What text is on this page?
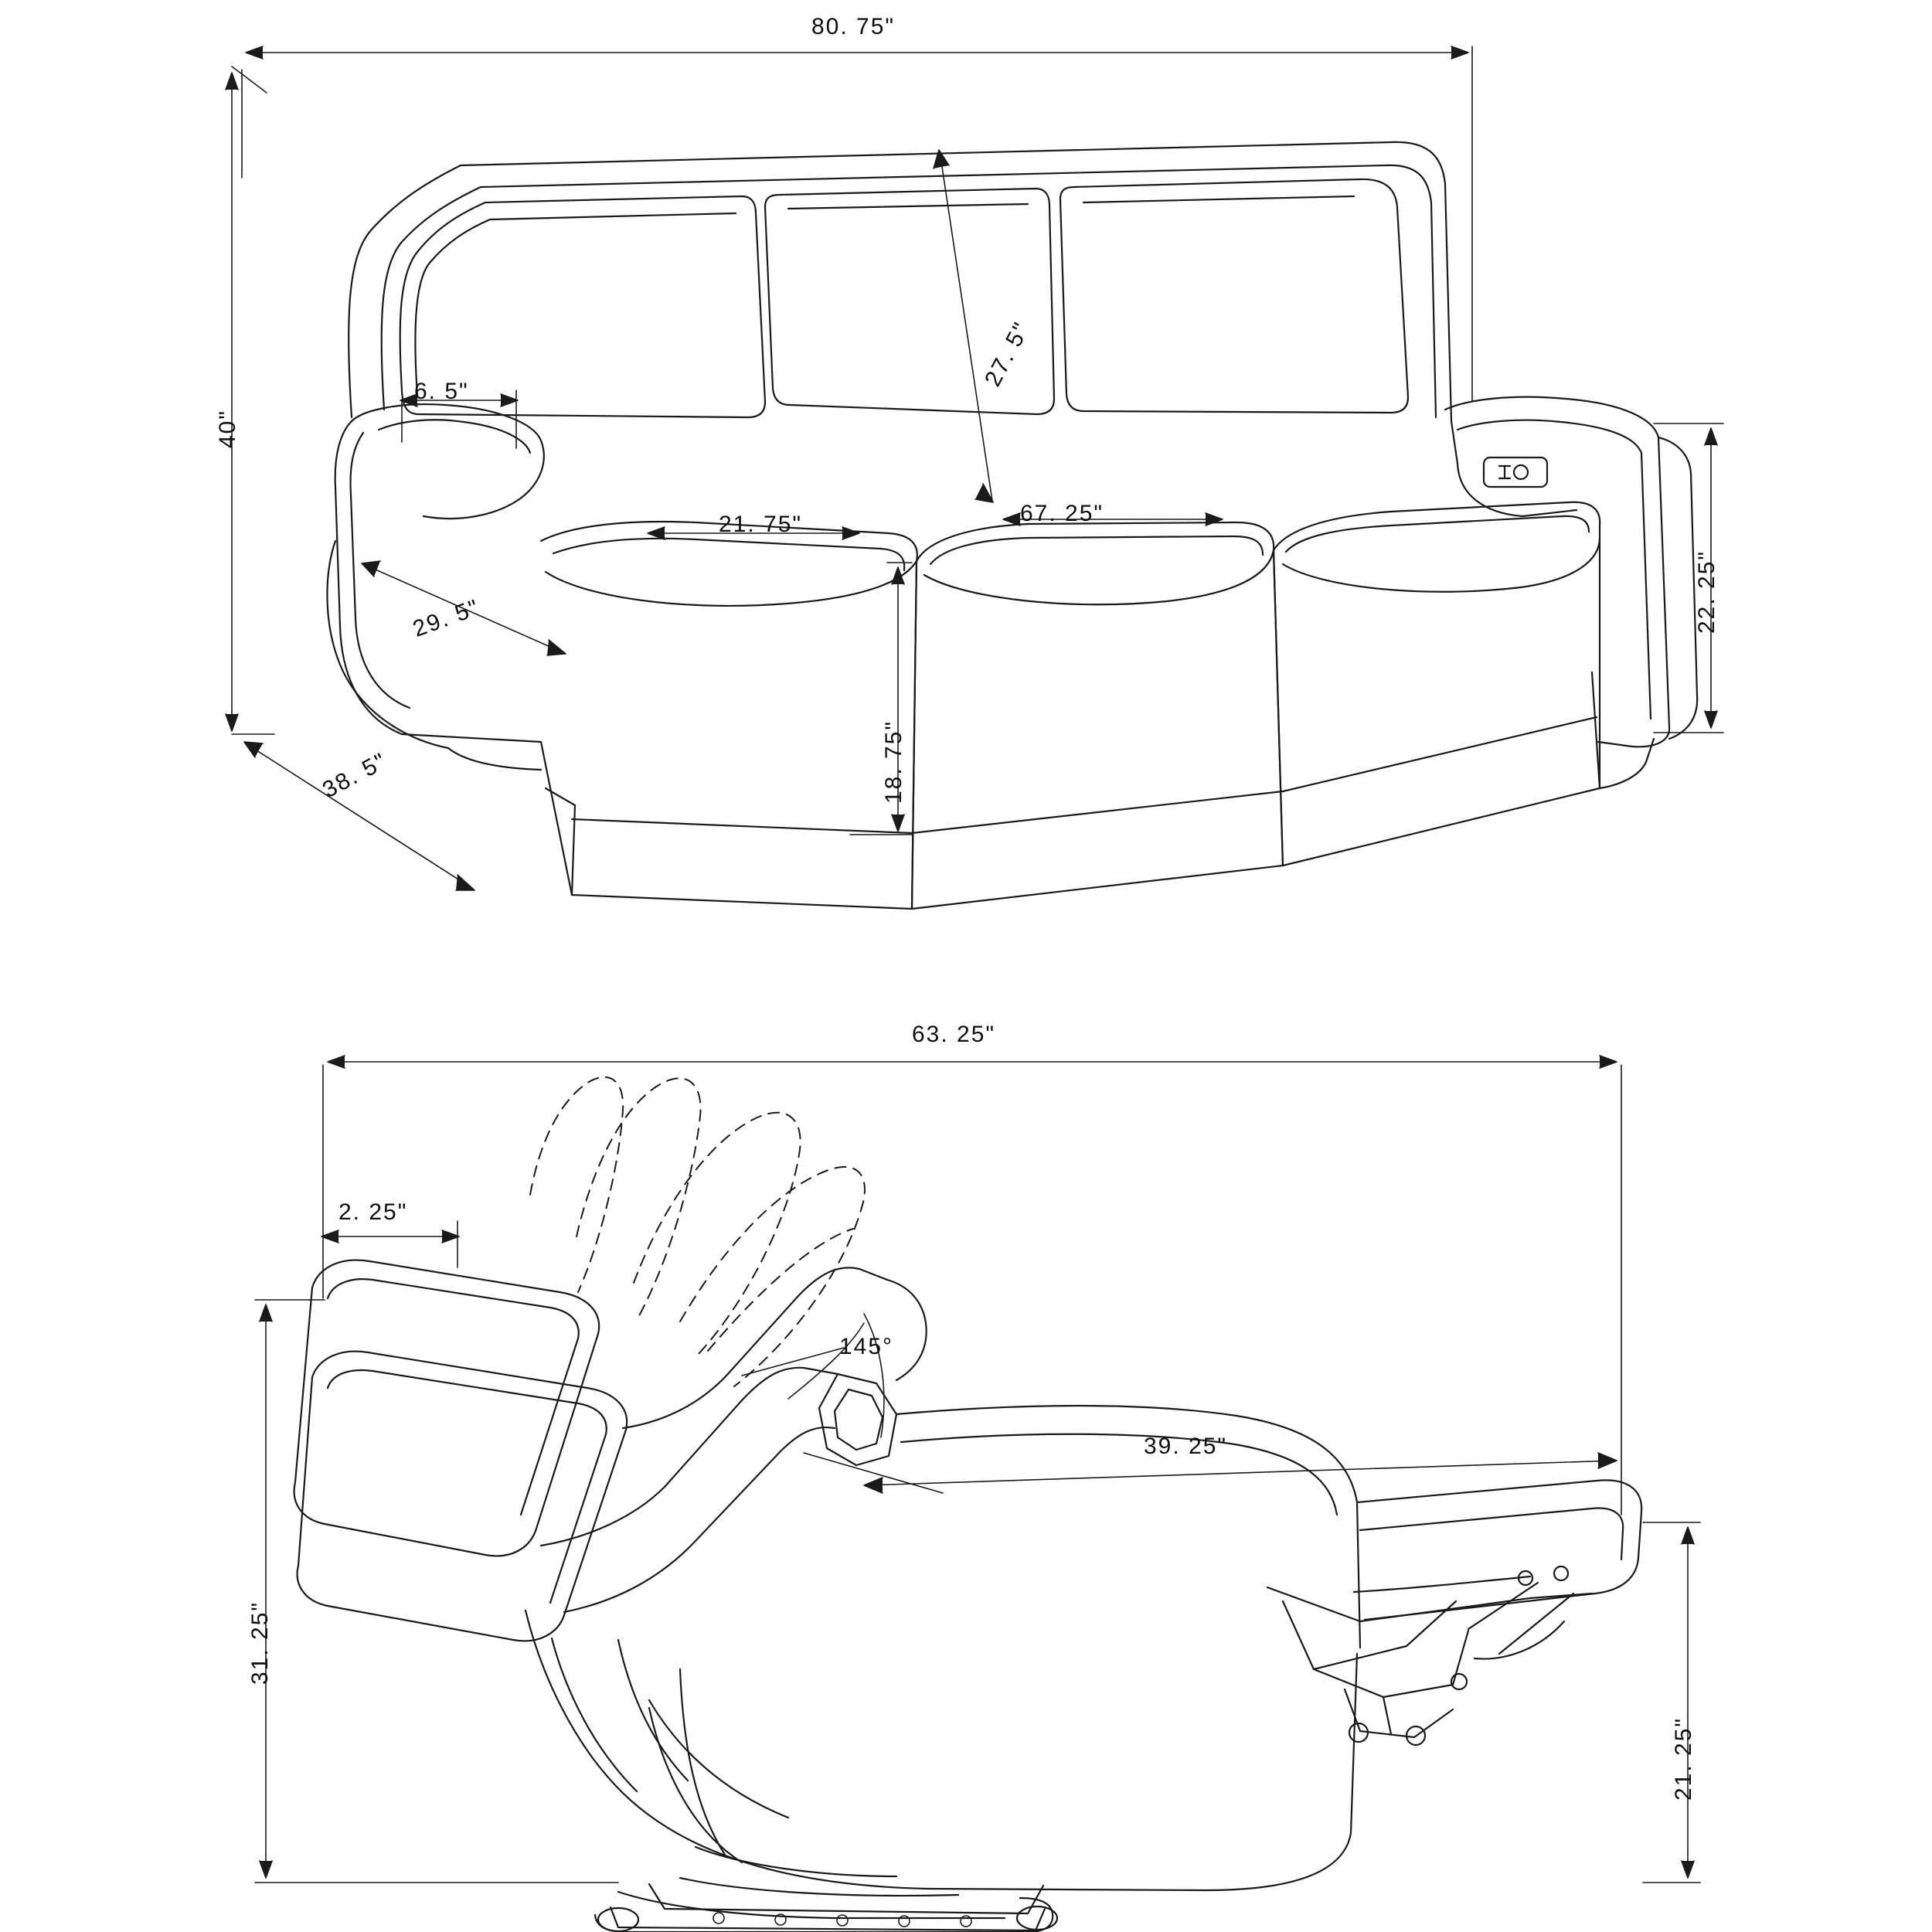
80. 75"
40"
38. 5"
27. 5"
6. 5"
21. 75"	67. 25"
29. 5"
18. 75"
22. 25"
63. 25"
2. 25"
145°
31. 25"
39. 25"
21. 25"
